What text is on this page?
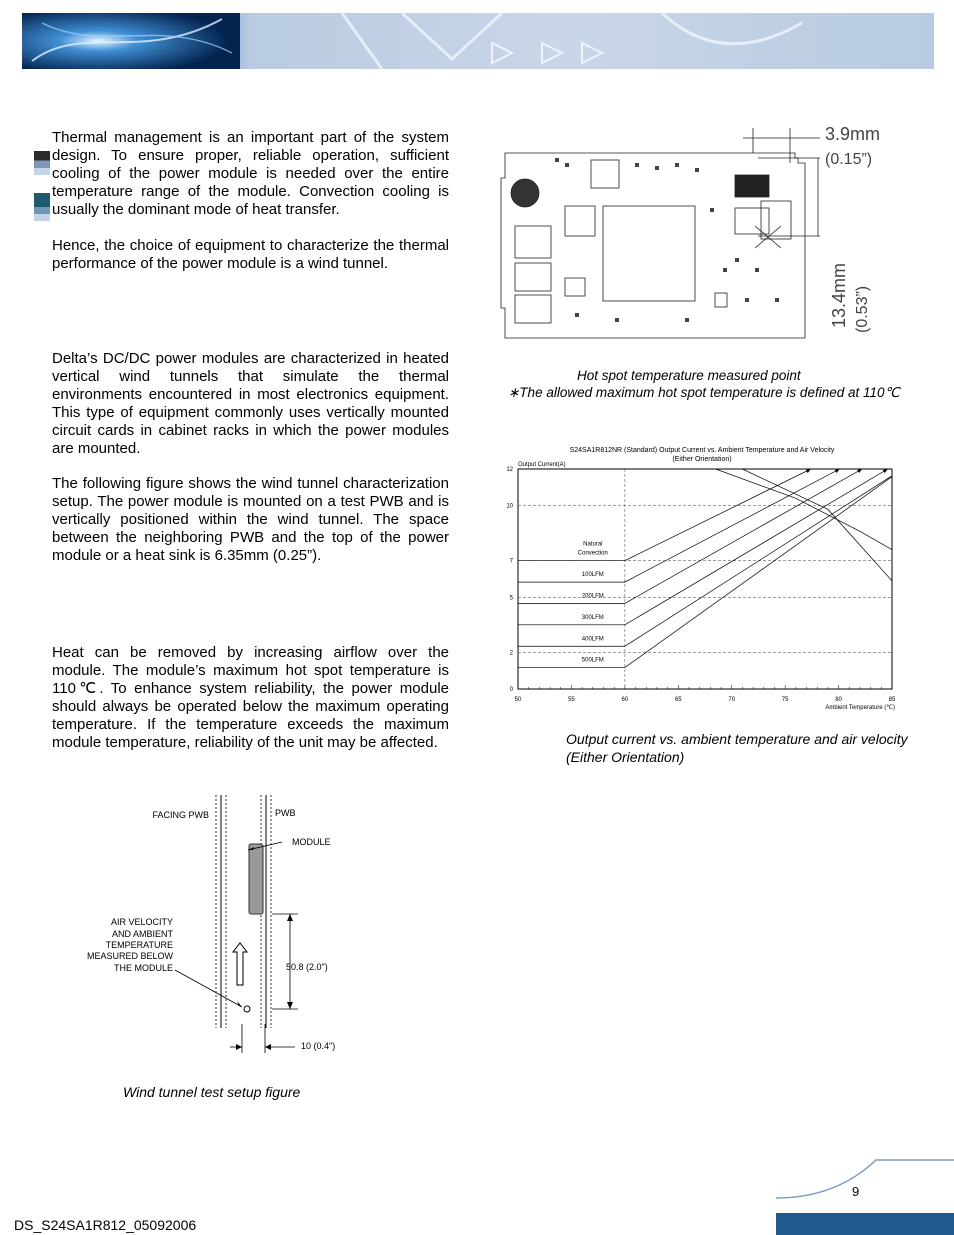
Thermal management is an important part of the system design. To ensure proper, reliable operation, sufficient cooling of the power module is needed over the entire temperature range of the module. Convection cooling is usually the dominant mode of heat transfer.

Hence, the choice of equipment to characterize the thermal performance of the power module is a wind tunnel.

Delta’s DC/DC power modules are characterized in heated vertical wind tunnels that simulate the thermal environments encountered in most electronics equipment. This type of equipment commonly uses vertically mounted circuit cards in cabinet racks in which the power modules are mounted.

The following figure shows the wind tunnel characterization setup. The power module is mounted on a test PWB and is vertically positioned within the wind tunnel. The space between the neighboring PWB and the top of the power module or a heat sink is 6.35mm (0.25”).

Heat can be removed by increasing airflow over the module. The module’s maximum hot spot temperature is 110℃. To enhance system reliability, the power module should always be operated below the maximum operating temperature. If the temperature exceeds the maximum module temperature, reliability of the unit may be affected.

FACING PWB	PWB
MODULE
AIR VELOCITY
AND AMBIENT
TEMPERATURE
MEASURED BELOW
THE MODULE	50.8 (2.0")
10 (0.4")
Wind tunnel test setup figure
3.9mm
(0.15”)
13.4mm (0.53”)
Hot spot temperature measured point
∗The allowed maximum hot spot temperature is defined at 110℃
S24SA1R812NR (Standard) Output Current vs. Ambient Temperature and Air Velocity
(Either Orientation)
Output Current(A)
Ambient Temperature (℃)
50	55	60	65	70	75	80	85
0
2
5
7
10
12
Natural
Convection
100LFM
200LFM
300LFM
400LFM
500LFM
Output current vs. ambient temperature and air velocity
(Either Orientation)
9
DS_S24SA1R812_05092006
